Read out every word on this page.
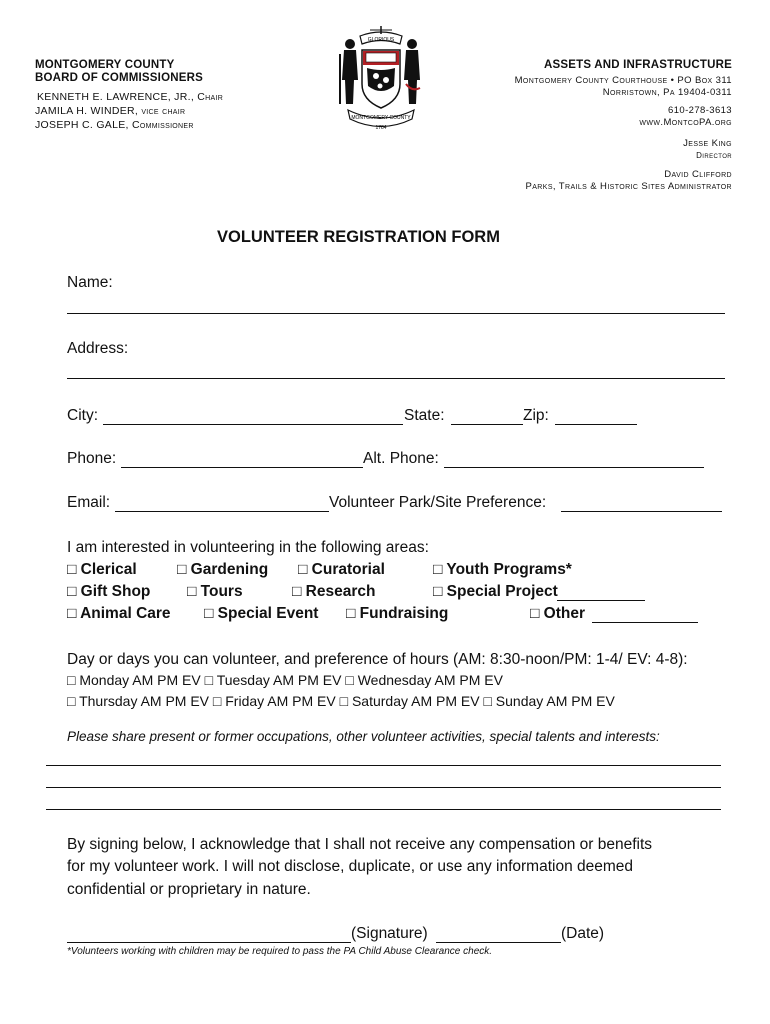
MONTGOMERY COUNTY
BOARD OF COMMISSIONERS
KENNETH E. LAWRENCE, JR., Chair
JAMILA H. WINDER, vice chair
JOSEPH C. GALE, Commissioner
GLORIOUS
MONTGOMERY COUNTY
1784
ASSETS AND INFRASTRUCTURE
Montgomery County Courthouse • PO Box 311
Norristown, Pa 19404-0311
610-278-3613
www.MontcoPA.org
Jesse King
Director
David Clifford
Parks, Trails & Historic Sites Administrator
VOLUNTEER REGISTRATION FORM
Name:
Address:
City:	State:	Zip:
Phone:	Alt. Phone:
Email:	Volunteer Park/Site Preference:
I am interested in volunteering in the following areas:
□ Clerical	□ Gardening □ Curatorial	□ Youth Programs*
□ Gift Shop □ Tours	□ Research	□ Special Project
□ Animal Care □ Special Event □ Fundraising	□ Other
Day or days you can volunteer, and preference of hours (AM: 8:30-noon/PM: 1-4/ EV: 4-8):
□ Monday AM PM EV □ Tuesday AM PM EV □ Wednesday AM PM EV
□ Thursday AM PM EV □ Friday AM PM EV □ Saturday AM PM EV □ Sunday AM PM EV
Please share present or former occupations, other volunteer activities, special talents and interests:
By signing below, I acknowledge that I shall not receive any compensation or benefits
for my volunteer work. I will not disclose, duplicate, or use any information deemed
confidential or proprietary in nature.
(Signature)	(Date)
*Volunteers working with children may be required to pass the PA Child Abuse Clearance check.
